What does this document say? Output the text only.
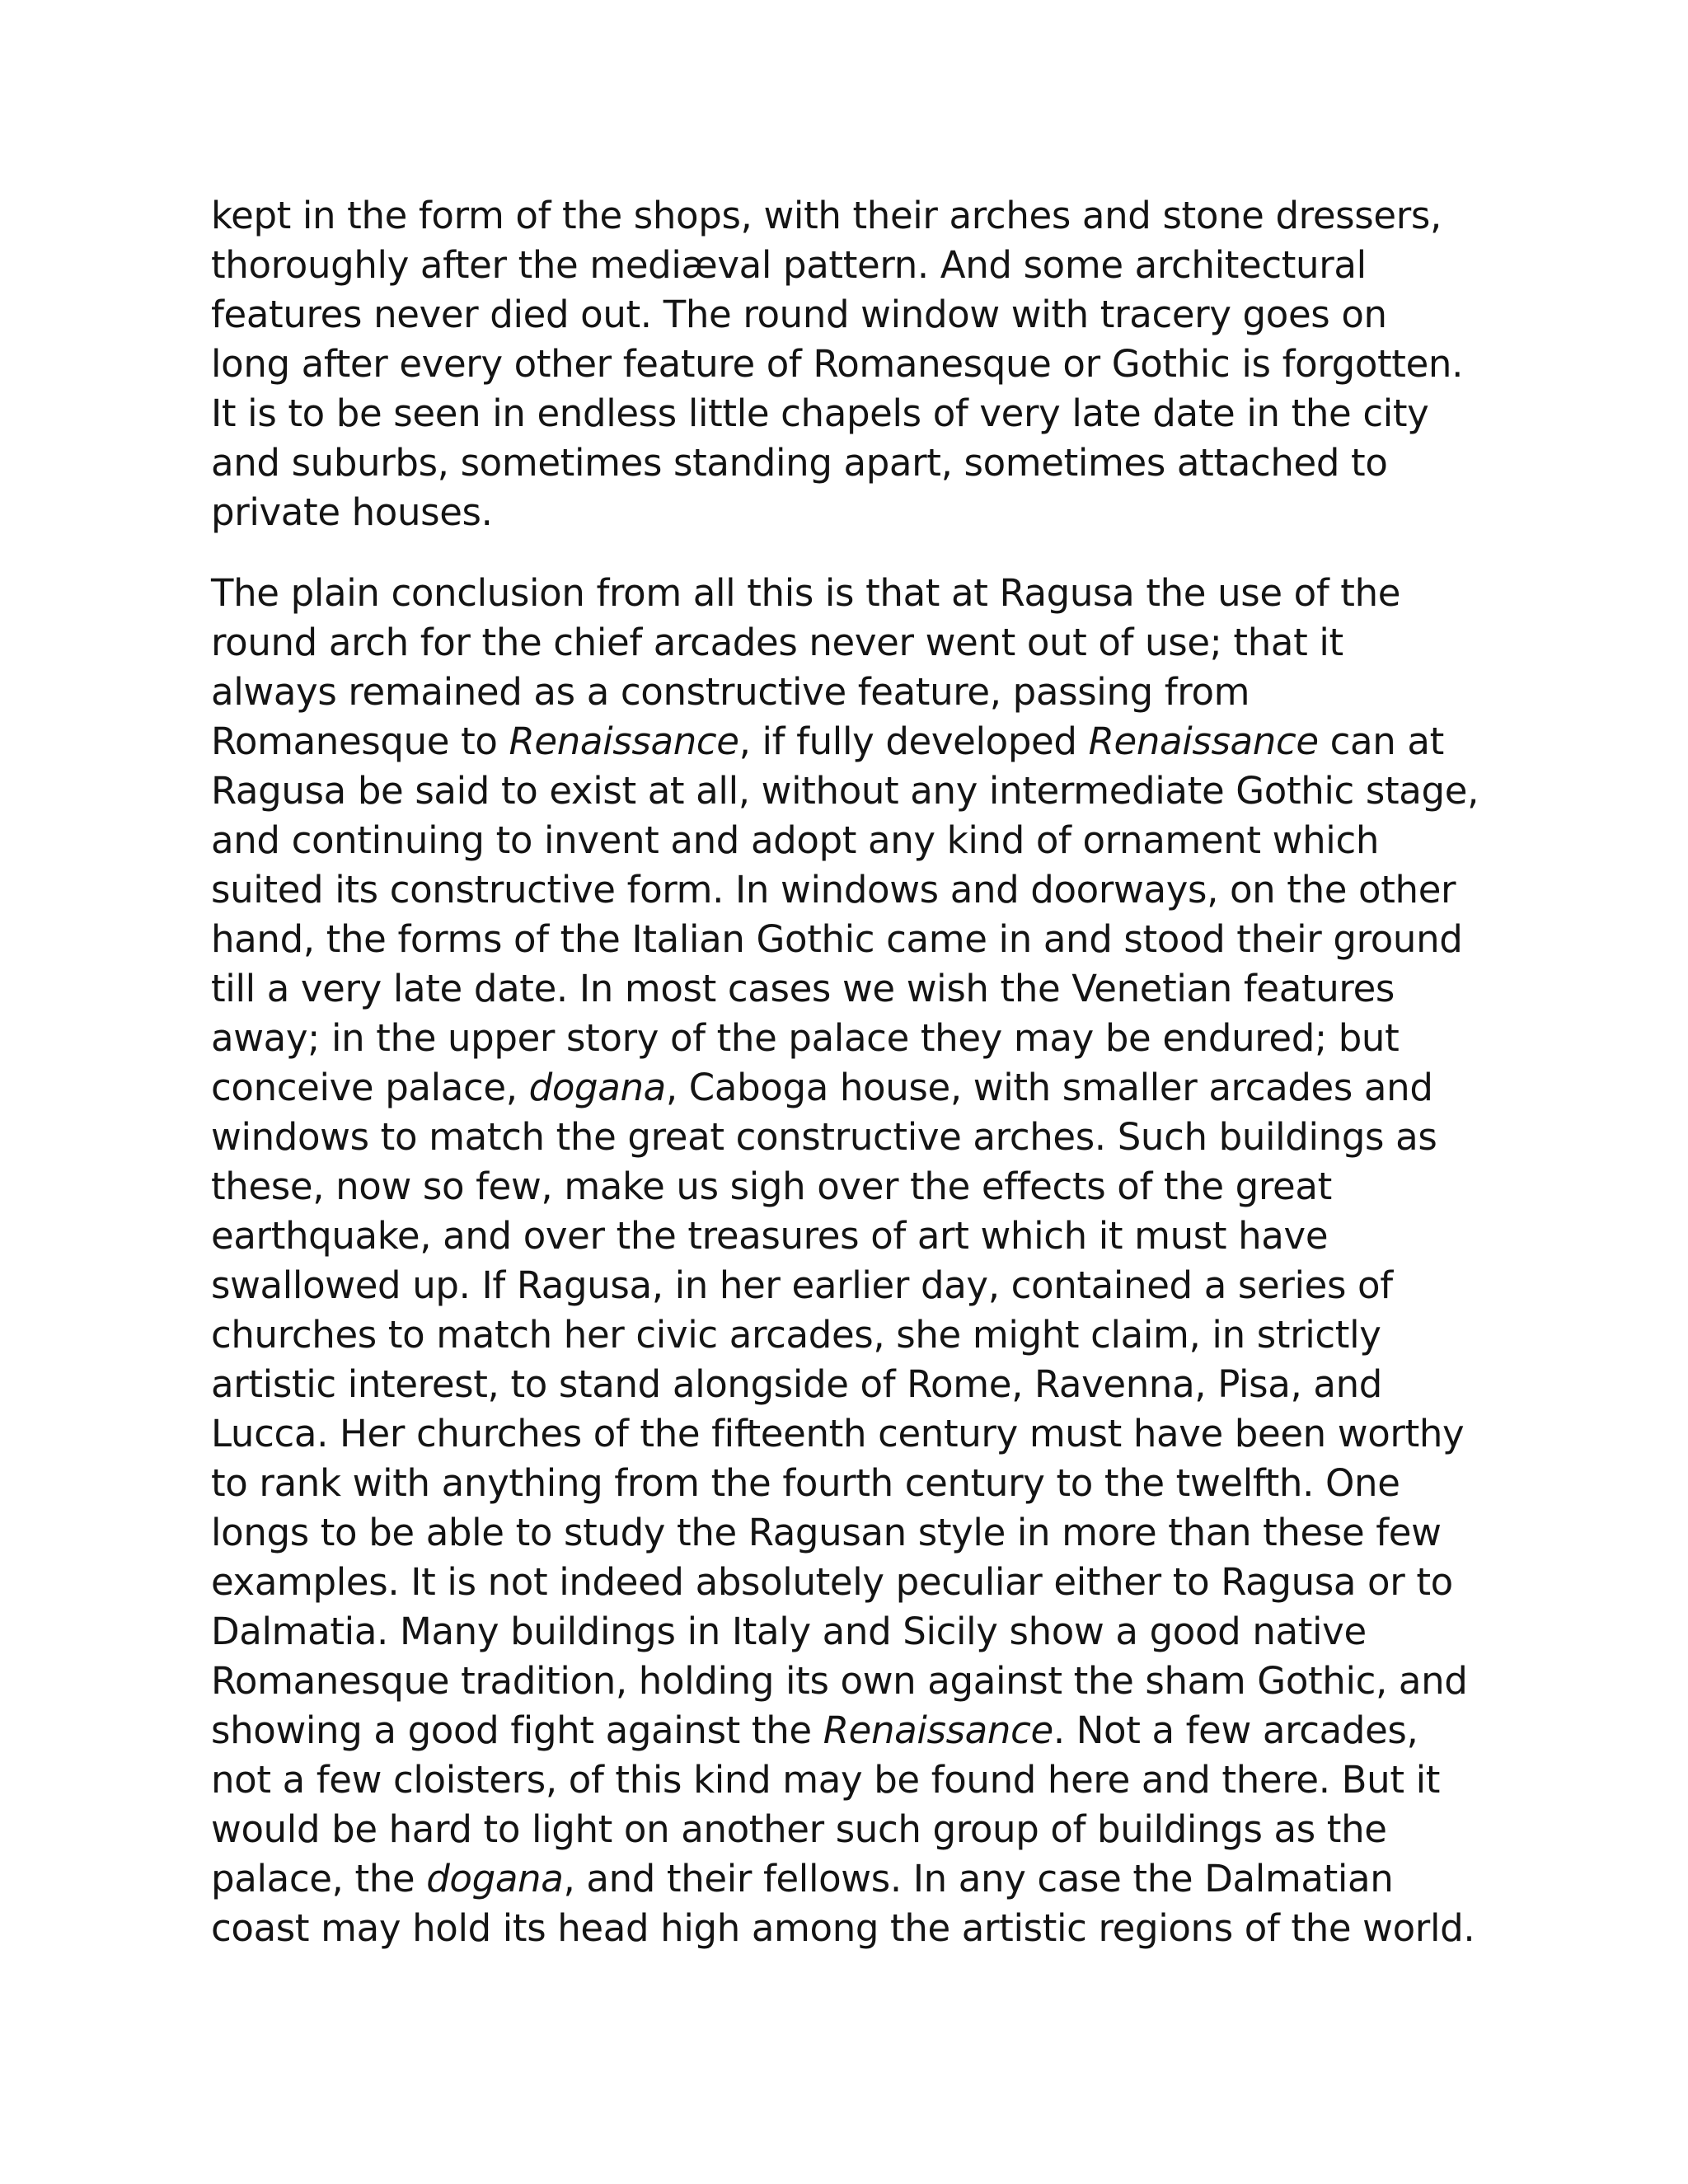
kept in the form of the shops, with their arches and stone dressers,
thoroughly after the mediæval pattern. And some architectural
features never died out. The round window with tracery goes on
long after every other feature of Romanesque or Gothic is forgotten.
It is to be seen in endless little chapels of very late date in the city
and suburbs, sometimes standing apart, sometimes attached to
private houses.

The plain conclusion from all this is that at Ragusa the use of the
round arch for the chief arcades never went out of use; that it
always remained as a constructive feature, passing from
Romanesque to Renaissance, if fully developed Renaissance can at
Ragusa be said to exist at all, without any intermediate Gothic stage,
and continuing to invent and adopt any kind of ornament which
suited its constructive form. In windows and doorways, on the other
hand, the forms of the Italian Gothic came in and stood their ground
till a very late date. In most cases we wish the Venetian features
away; in the upper story of the palace they may be endured; but
conceive palace, dogana, Caboga house, with smaller arcades and
windows to match the great constructive arches. Such buildings as
these, now so few, make us sigh over the effects of the great
earthquake, and over the treasures of art which it must have
swallowed up. If Ragusa, in her earlier day, contained a series of
churches to match her civic arcades, she might claim, in strictly
artistic interest, to stand alongside of Rome, Ravenna, Pisa, and
Lucca. Her churches of the fifteenth century must have been worthy
to rank with anything from the fourth century to the twelfth. One
longs to be able to study the Ragusan style in more than these few
examples. It is not indeed absolutely peculiar either to Ragusa or to
Dalmatia. Many buildings in Italy and Sicily show a good native
Romanesque tradition, holding its own against the sham Gothic, and
showing a good fight against the Renaissance. Not a few arcades,
not a few cloisters, of this kind may be found here and there. But it
would be hard to light on another such group of buildings as the
palace, the dogana, and their fellows. In any case the Dalmatian
coast may hold its head high among the artistic regions of the world.
